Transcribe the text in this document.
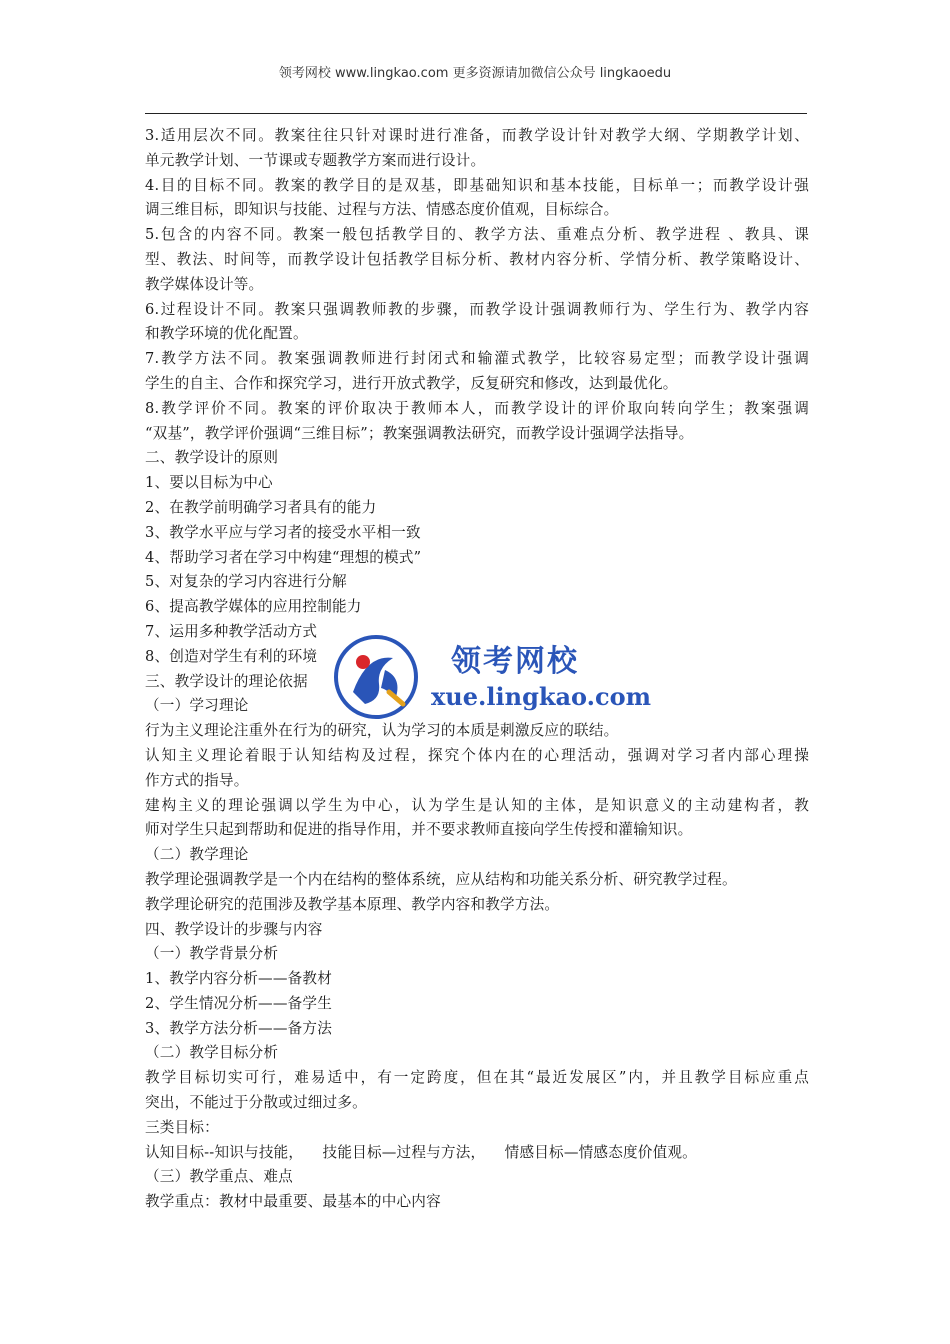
领考网校 www.lingkao.com 更多资源请加微信公众号 lingkaoedu
3.适用层次不同。教案往往只针对课时进行准备，而教学设计针对教学大纲、学期教学计划、
单元教学计划、一节课或专题教学方案而进行设计。
4.目的目标不同。教案的教学目的是双基，即基础知识和基本技能，目标单一；而教学设计强
调三维目标，即知识与技能、过程与方法、情感态度价值观，目标综合。
5.包含的内容不同。教案一般包括教学目的、教学方法、重难点分析、教学进程 、教具、课
型、教法、时间等，而教学设计包括教学目标分析、教材内容分析、学情分析、教学策略设计、
教学媒体设计等。
6.过程设计不同。教案只强调教师教的步骤，而教学设计强调教师行为、学生行为、教学内容
和教学环境的优化配置。
7.教学方法不同。教案强调教师进行封闭式和输灌式教学，比较容易定型；而教学设计强调
学生的自主、合作和探究学习，进行开放式教学，反复研究和修改，达到最优化。
8.教学评价不同。教案的评价取决于教师本人，而教学设计的评价取向转向学生；教案强调
“双基”，教学评价强调“三维目标”；教案强调教法研究，而教学设计强调学法指导。
二、教学设计的原则
1、要以目标为中心
2、在教学前明确学习者具有的能力
3、教学水平应与学习者的接受水平相一致
4、帮助学习者在学习中构建“理想的模式”
5、对复杂的学习内容进行分解
6、提高教学媒体的应用控制能力
7、运用多种教学活动方式
8、创造对学生有利的环境
三、教学设计的理论依据
（一）学习理论
行为主义理论注重外在行为的研究，认为学习的本质是刺激反应的联结。
认知主义理论着眼于认知结构及过程，探究个体内在的心理活动，强调对学习者内部心理操
作方式的指导。
建构主义的理论强调以学生为中心，认为学生是认知的主体，是知识意义的主动建构者，教
师对学生只起到帮助和促进的指导作用，并不要求教师直接向学生传授和灌输知识。
（二）教学理论
教学理论强调教学是一个内在结构的整体系统，应从结构和功能关系分析、研究教学过程。
教学理论研究的范围涉及教学基本原理、教学内容和教学方法。
四、教学设计的步骤与内容
（一）教学背景分析
1、教学内容分析——备教材
2、学生情况分析——备学生
3、教学方法分析——备方法
（二）教学目标分析
教学目标切实可行，难易适中，有一定跨度，但在其“最近发展区”内，并且教学目标应重点
突出，不能过于分散或过细过多。
三类目标：
认知目标--知识与技能，    技能目标—过程与方法，    情感目标—情感态度价值观。
（三）教学重点、难点
教学重点：教材中最重要、最基本的中心内容
领考网校
xue.lingkao.com
